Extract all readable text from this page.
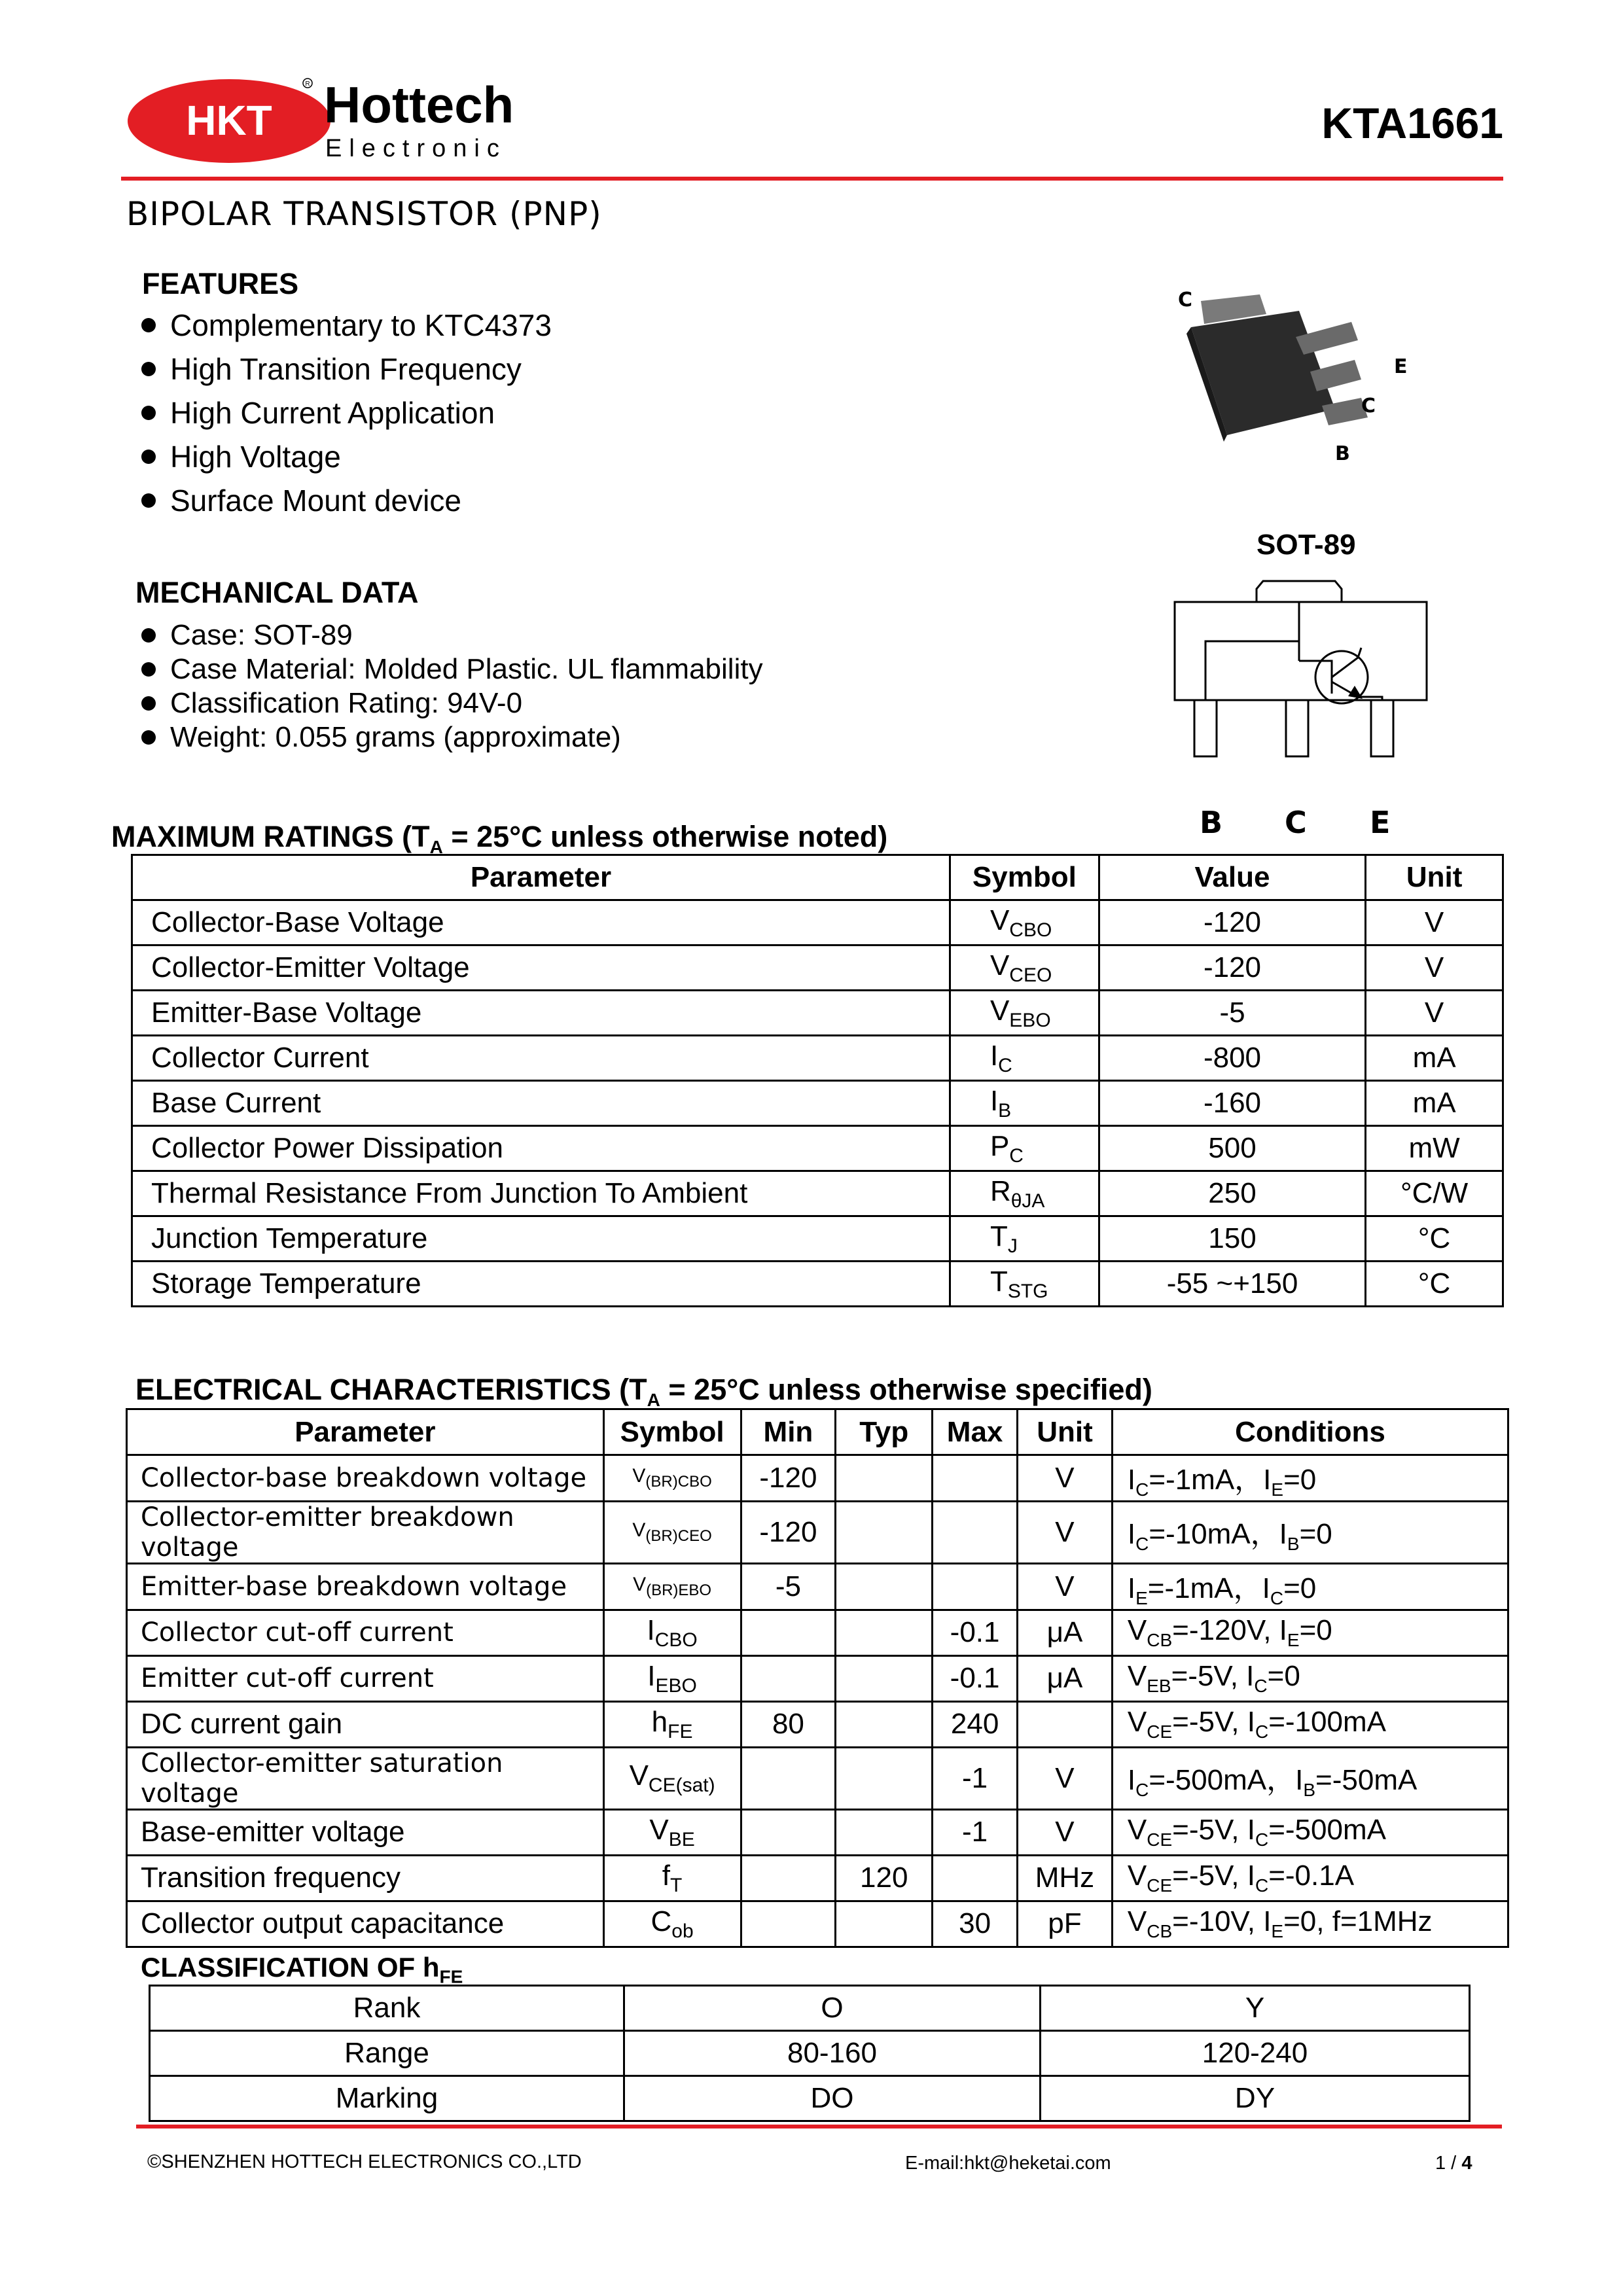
HKT Hottech
Electronic
R
KTA1661
BIPOLAR TRANSISTOR (PNP)
FEATURES
Complementary to KTC4373
High Transition Frequency
High Current Application
High Voltage
Surface Mount device
C
E
C
B
SOT-89
MECHANICAL DATA
Case: SOT-89
Case Material: Molded Plastic. UL flammability
Classification Rating: 94V-0
Weight: 0.055 grams (approximate)
B C E
MAXIMUM RATINGS ($T_A = 25^\circ C$ unless otherwise noted)
Parameter	Symbol	Value	Unit
Collector-Base Voltage	$V_{CBO}$	-120	V
Collector-Emitter Voltage	$V_{CEO}$	-120	V
Emitter-Base Voltage	$V_{EBO}$	-5	V
Collector Current	$I_C$	-800	mA
Base Current	$I_B$	-160	mA
Collector Power Dissipation	$P_C$	500	mW
Thermal Resistance From Junction To Ambient	$R_{\theta JA}$	250	°C/W
Junction Temperature	$T_J$	150	°C
Storage Temperature	$T_{STG}$	-55 ~+150	°C
ELECTRICAL CHARACTERISTICS ($T_A = 25^\circ C$ unless otherwise specified)
Parameter	Symbol	Min	Typ	Max	Unit	Conditions
Collector-base breakdown voltage	$V_{(BR)CBO}$	-120			V	$I_C=-1mA$，$I_E=0$
Collector-emitter breakdown voltage	$V_{(BR)CEO}$	-120			V	$I_C=-10mA$，$I_B=0$
Emitter-base breakdown voltage	$V_{(BR)EBO}$	-5			V	$I_E=-1mA$，$I_C=0$
Collector cut-off current	$I_{CBO}$			-0.1	μA	$V_{CB}=-120V$, $I_E=0$
Emitter cut-off current	$I_{EBO}$			-0.1	μA	$V_{EB}=-5V$, $I_C=0$
DC current gain	$h_{FE}$	80		240		$V_{CE}=-5V$, $I_C=-100mA$
Collector-emitter saturation voltage	$V_{CE(sat)}$			-1	V	$I_C=-500mA$，$I_B=-50mA$
Base-emitter voltage	$V_{BE}$			-1	V	$V_{CE}=-5V$, $I_C=-500mA$
Transition frequency	$f_T$		120		MHz	$V_{CE}=-5V$, $I_C=-0.1A$
Collector output capacitance	$C_{ob}$			30	pF	$V_{CB}=-10V$, $I_E=0$, f=1MHz
CLASSIFICATION OF $h_{FE}$
Rank	O	Y
Range	80-160	120-240
Marking	DO	DY
©SHENZHEN HOTTECH ELECTRONICS CO.,LTD	E-mail:hkt@heketai.com	1 / 4
